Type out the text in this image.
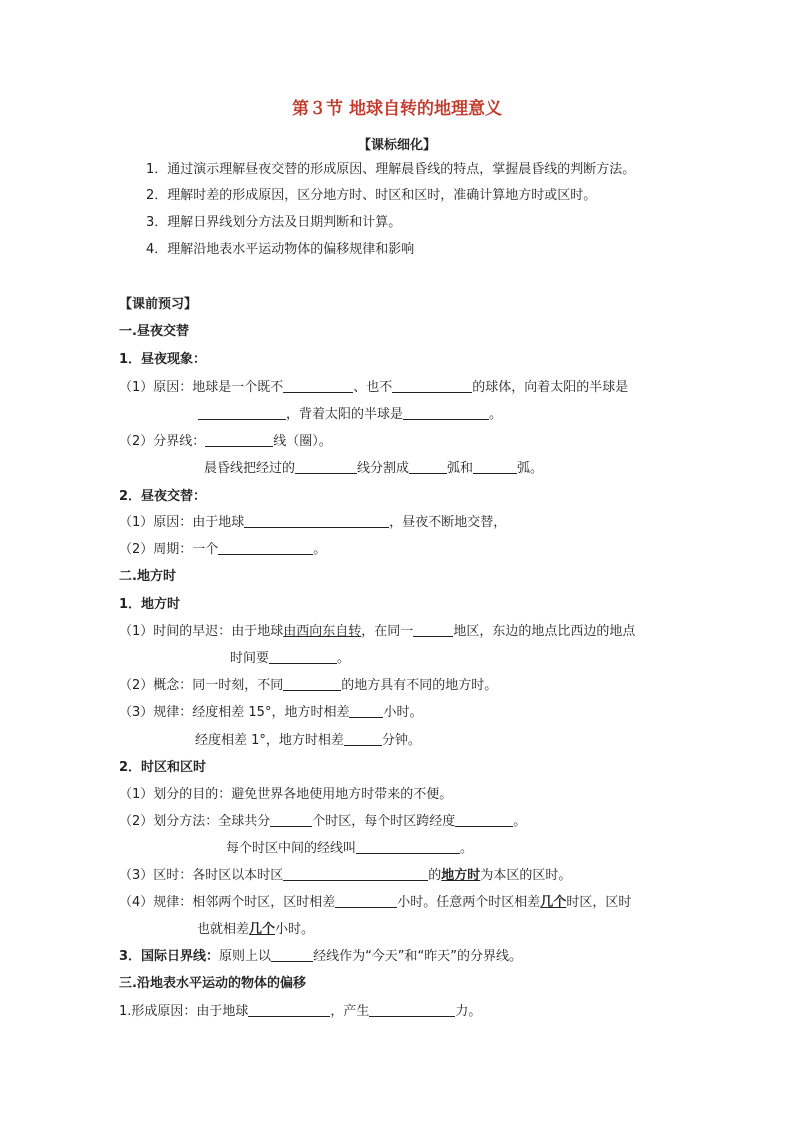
第３节 地球自转的地理意义
【课标细化】
1．通过演示理解昼夜交替的形成原因、理解晨昏线的特点，掌握晨昏线的判断方法。
2．理解时差的形成原因，区分地方时、时区和区时，准确计算地方时或区时。
3．理解日界线划分方法及日期判断和计算。
4．理解沿地表水平运动物体的偏移规律和影响
【课前预习】
一.昼夜交替
1．昼夜现象：
（1）原因：地球是一个既不	、也不	的球体，向着太阳的半球是
，背着太阳的半球是	。
（2）分界线：	线（圈）。
晨昏线把经过的	线分割成	弧和	弧。
2．昼夜交替：
（1）原因：由于地球	，昼夜不断地交替，
（2）周期：一个	。
二.地方时
1．地方时
（1）时间的早迟：由于地球由西向东自转，在同一	地区，东边的地点比西边的地点
时间要	。
（2）概念：同一时刻，不同	的地方具有不同的地方时。
（3）规律：经度相差 15°，地方时相差	小时。
经度相差 1°，地方时相差	分钟。
2．时区和区时
（1）划分的目的：避免世界各地使用地方时带来的不便。
（2）划分方法：全球共分	个时区，每个时区跨经度	。
每个时区中间的经线叫	。
（3）区时：各时区以本时区	的地方时为本区的区时。
（4）规律：相邻两个时区，区时相差	小时。任意两个时区相差几个时区，区时
也就相差几个小时。
3．国际日界线：原则上以	经线作为“今天”和“昨天”的分界线。
三.沿地表水平运动的物体的偏移
1.形成原因：由于地球	，产生	力。
